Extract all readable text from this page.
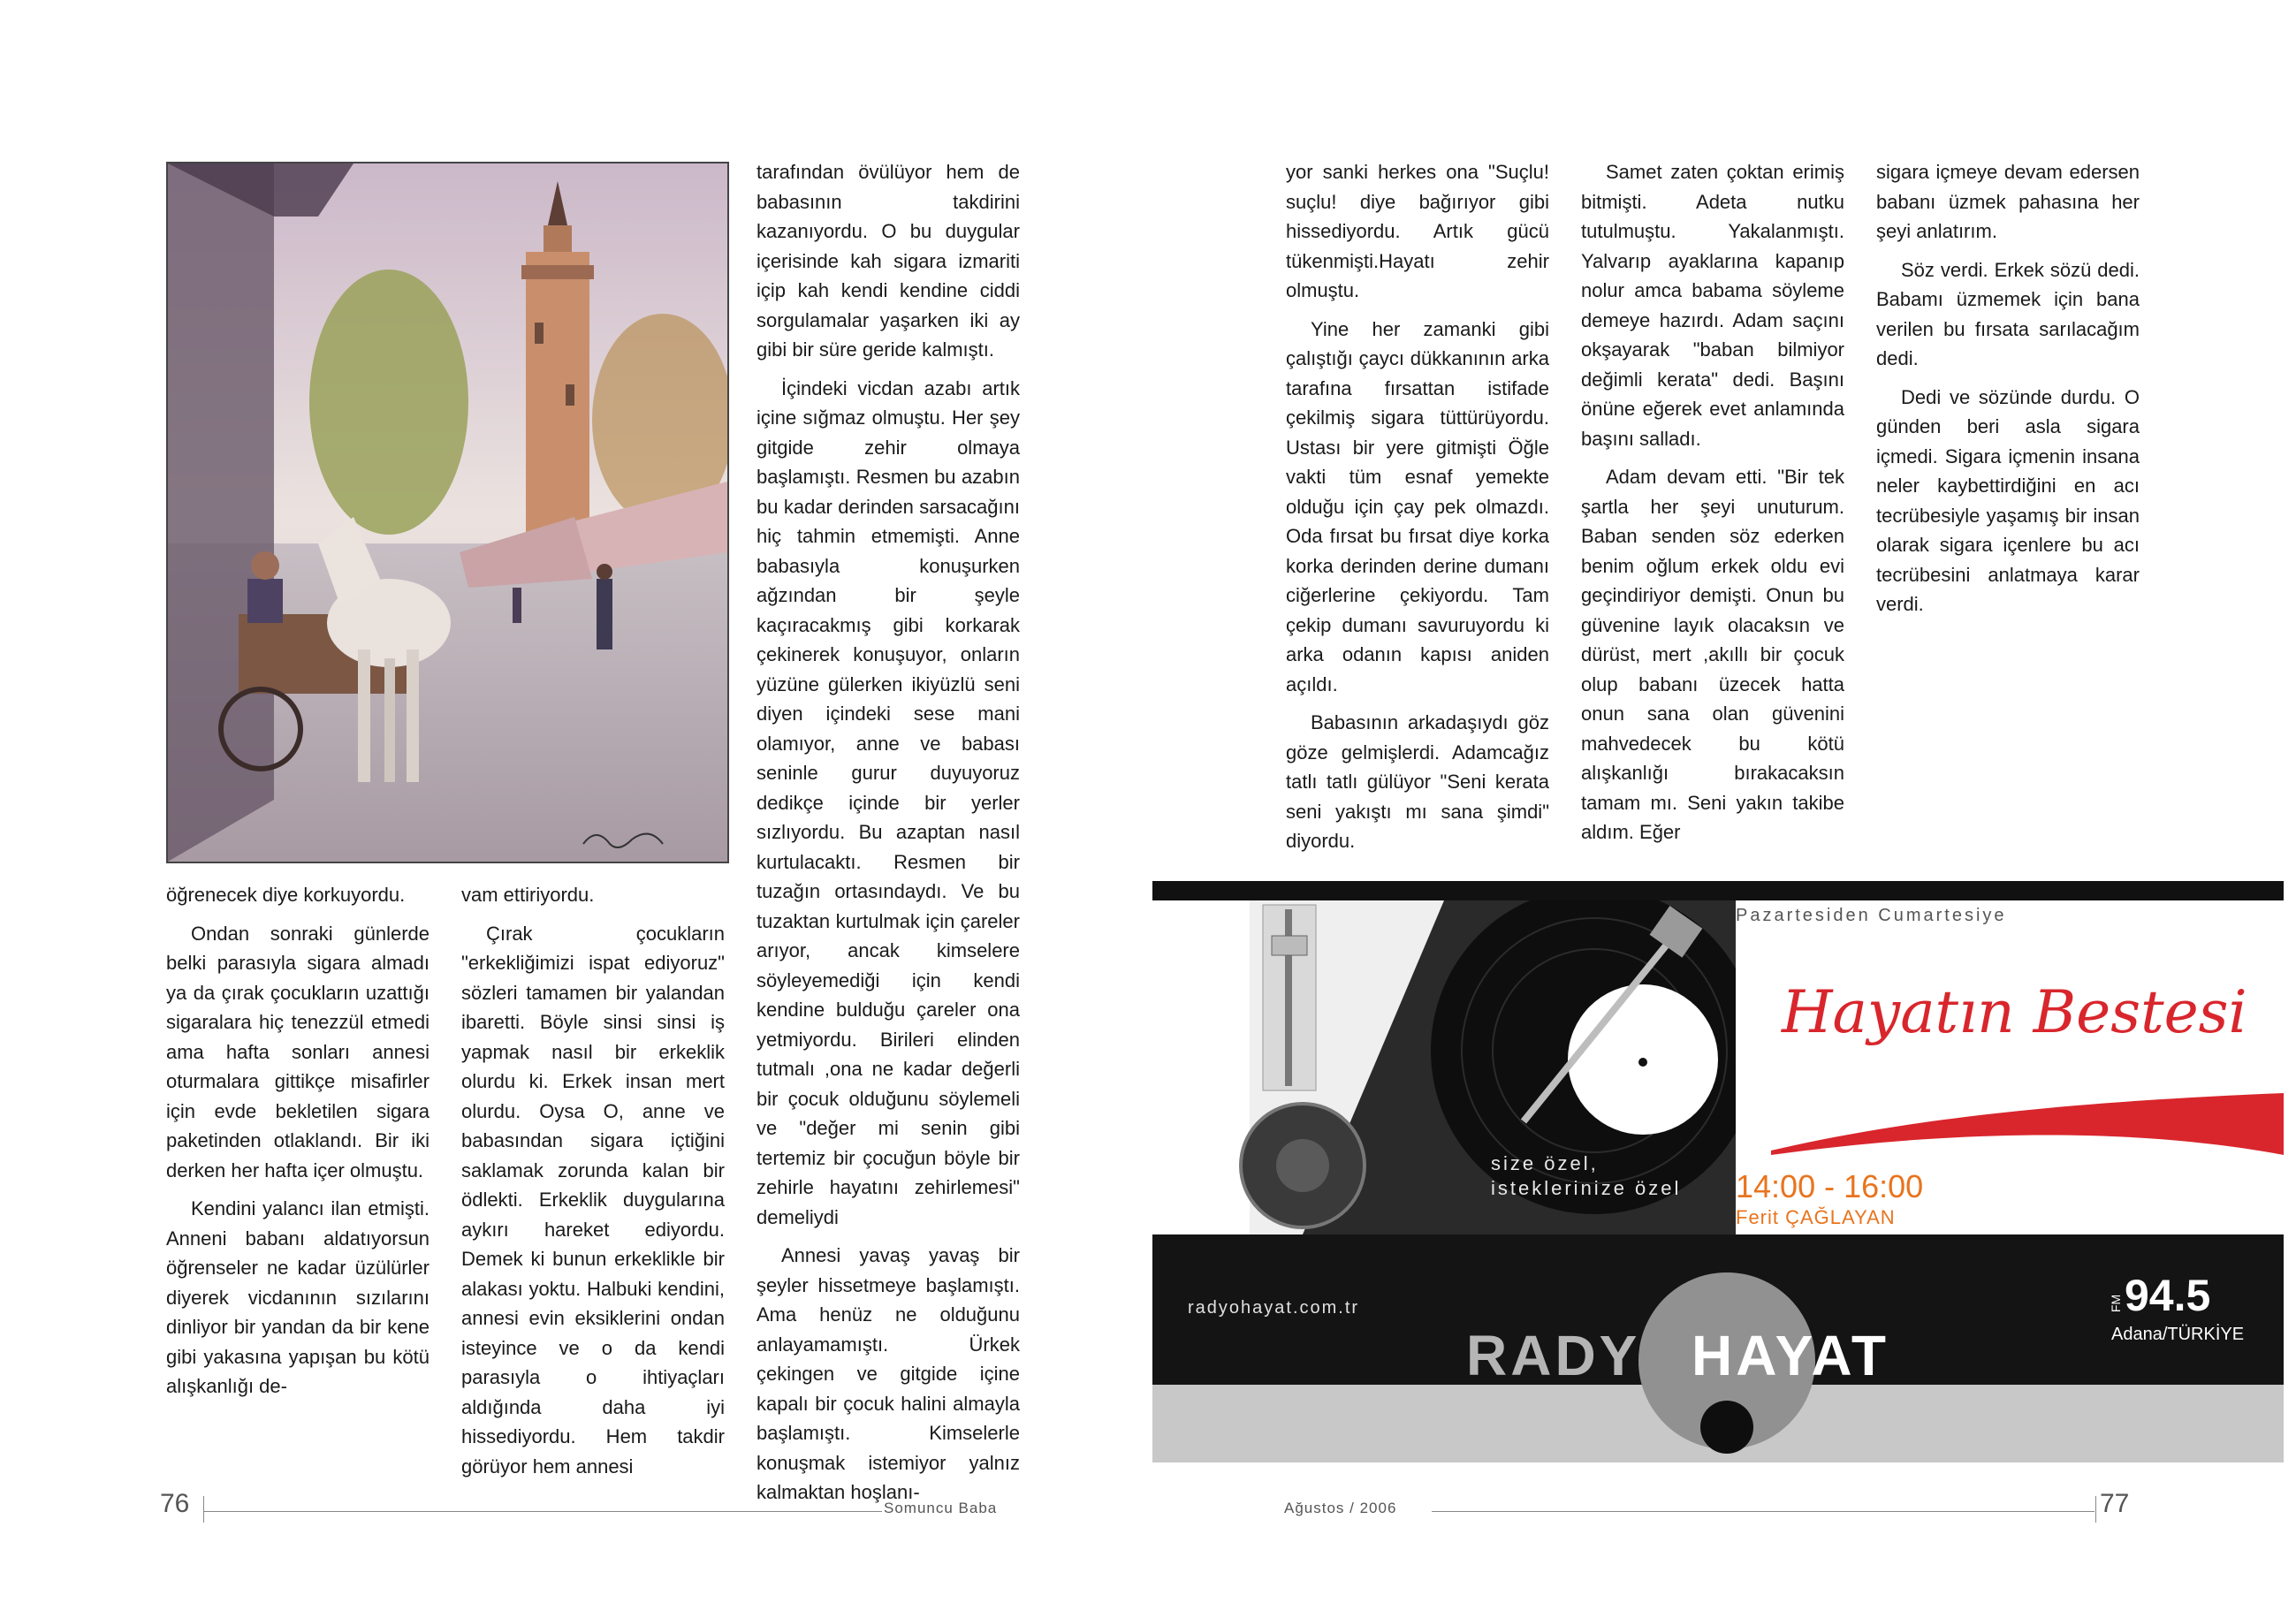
öğrenecek diye korkuyordu.

Ondan sonraki günlerde belki parasıyla sigara almadı ya da çırak çocukların uzattığı sigaralara hiç tenezzül etmedi ama hafta sonları annesi oturmalara gittikçe misafirler için evde bekletilen sigara paketinden otlaklandı. Bir iki derken her hafta içer olmuştu.

Kendini yalancı ilan etmişti. Anneni babanı aldatıyorsun öğrenseler ne kadar üzülürler diyerek vicdanının sızılarını dinliyor bir yandan da bir kene gibi yakasına yapışan bu kötü alışkanlığı de-

vam ettiriyordu.

Çırak çocukların "erkekliğimizi ispat ediyoruz" sözleri tamamen bir yalandan ibaretti. Böyle sinsi sinsi iş yapmak nasıl bir erkeklik olurdu ki. Erkek insan mert olurdu. Oysa O, anne ve babasından sigara içtiğini saklamak zorunda kalan bir ödlekti. Erkeklik duygularına aykırı hareket ediyordu. Demek ki bunun erkeklikle bir alakası yoktu. Halbuki kendini, annesi evin eksiklerini ondan isteyince ve o da kendi parasıyla o ihtiyaçları aldığında daha iyi hissediyordu. Hem takdir görüyor hem annesi

tarafından övülüyor hem de babasının takdirini kazanıyordu. O bu duygular içerisinde kah sigara izmariti içip kah kendi kendine ciddi sorgulamalar yaşarken iki ay gibi bir süre geride kalmıştı.

İçindeki vicdan azabı artık içine sığmaz olmuştu. Her şey gitgide zehir olmaya başlamıştı. Resmen bu azabın bu kadar derinden sarsacağını hiç tahmin etmemişti. Anne babasıyla konuşurken ağzından bir şeyle kaçıracakmış gibi korkarak çekinerek konuşuyor, onların yüzüne gülerken ikiyüzlü seni diyen içindeki sese mani olamıyor, anne ve babası seninle gurur duyuyoruz dedikçe içinde bir yerler sızlıyordu. Bu azaptan nasıl kurtulacaktı. Resmen bir tuzağın ortasındaydı. Ve bu tuzaktan kurtulmak için çareler arıyor, ancak kimselere söyleyemediği için kendi kendine bulduğu çareler ona yetmiyordu. Birileri elinden tutmalı ,ona ne kadar değerli bir çocuk olduğunu söylemeli ve "değer mi senin gibi tertemiz bir çocuğun böyle bir zehirle hayatını zehirlemesi" demeliydi

Annesi yavaş yavaş bir şeyler hissetmeye başlamıştı. Ama henüz ne olduğunu anlayamamıştı. Ürkek çekingen ve gitgide içine kapalı bir çocuk halini almayla başlamıştı. Kimselerle konuşmak istemiyor yalnız kalmaktan hoşlanı-

76	Somuncu Baba

yor sanki herkes ona "Suçlu! suçlu! diye bağırıyor gibi hissediyordu. Artık gücü tükenmişti.Hayatı zehir olmuştu.

Yine her zamanki gibi çalıştığı çaycı dükkanının arka tarafına fırsattan istifade çekilmiş sigara tüttürüyordu. Ustası bir yere gitmişti Öğle vakti tüm esnaf yemekte olduğu için çay pek olmazdı. Oda fırsat bu fırsat diye korka korka derinden derine dumanı ciğerlerine çekiyordu. Tam çekip dumanı savuruyordu ki arka odanın kapısı aniden açıldı.

Babasının arkadaşıydı göz göze gelmişlerdi. Adamcağız tatlı tatlı gülüyor "Seni kerata seni yakıştı mı sana şimdi" diyordu.

Samet zaten çoktan erimiş bitmişti. Adeta nutku tutulmuştu. Yakalanmıştı. Yalvarıp ayaklarına kapanıp nolur amca babama söyleme demeye hazırdı. Adam saçını okşayarak "baban bilmiyor değimli kerata" dedi. Başını önüne eğerek evet anlamında başını salladı.

Adam devam etti. "Bir tek şartla her şeyi unuturum. Baban senden söz ederken benim oğlum erkek oldu evi geçindiriyor demişti. Onun bu güvenine layık olacaksın ve dürüst, mert ,akıllı bir çocuk olup babanı üzecek hatta onun sana olan güvenini mahvedecek bu kötü alışkanlığı bırakacaksın tamam mı. Seni yakın takibe aldım. Eğer

sigara içmeye devam edersen babanı üzmek pahasına her şeyi anlatırım.

Söz verdi. Erkek sözü dedi. Babamı üzmemek için bana verilen bu fırsata sarılacağım dedi.

Dedi ve sözünde durdu. O günden beri asla sigara içmedi. Sigara içmenin insana neler kaybettirdiğini en acı tecrübesiyle yaşamış bir insan olarak sigara içenlere bu acı tecrübesini anlatmaya karar verdi.

Pazartesiden Cumartesiye
Hayatın Bestesi
size özel,
isteklerinize özel 14:00 - 16:00
Ferit ÇAĞLAYAN
radyohayat.com.tr
RADY HAYAT
FM 94.5
Adana/TÜRKİYE
Ağustos / 2006	77
